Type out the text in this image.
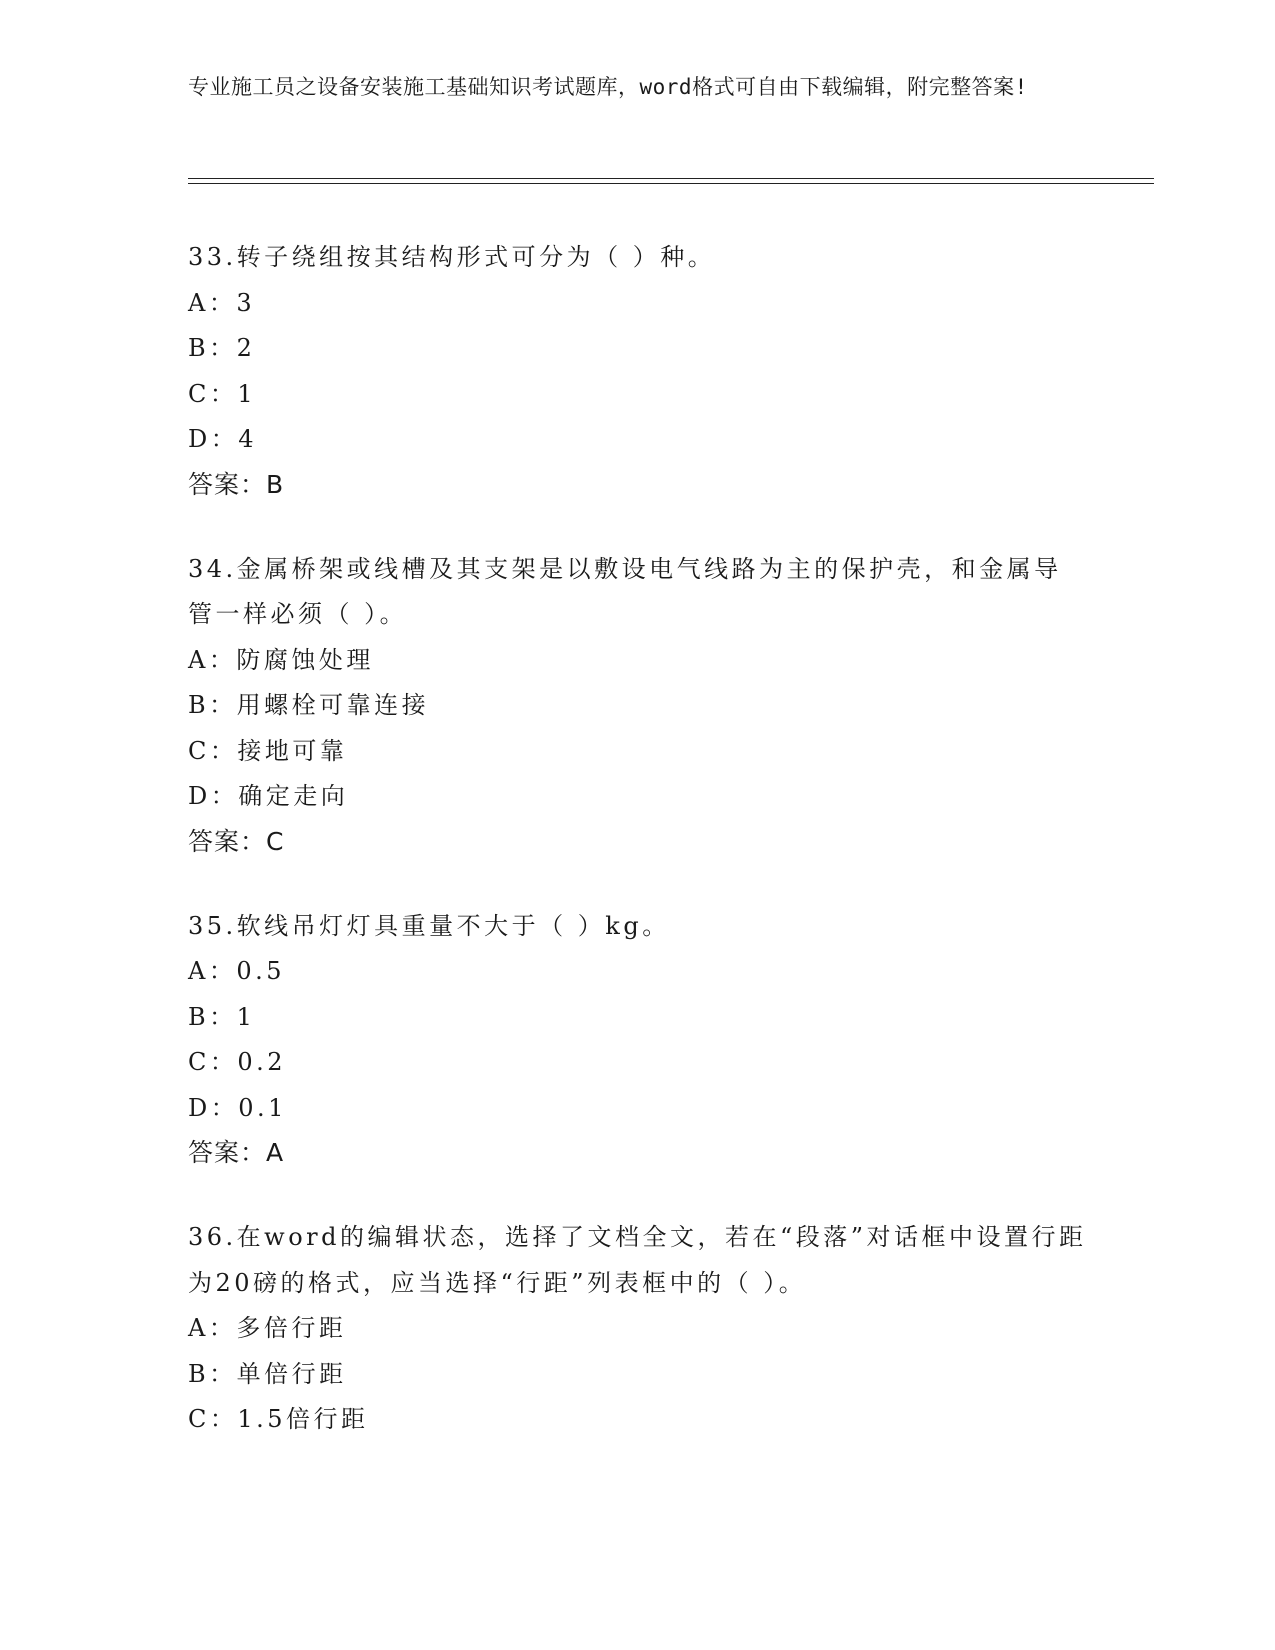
专业施工员之设备安装施工基础知识考试题库，word格式可自由下载编辑，附完整答案!

33.转子绕组按其结构形式可分为（ ）种。

A：3

B：2

C：1

D：4

答案：B

34.金属桥架或线槽及其支架是以敷设电气线路为主的保护壳，和金属导管一样必须（ ）。

A：防腐蚀处理

B：用螺栓可靠连接

C：接地可靠

D：确定走向

答案：C

35.软线吊灯灯具重量不大于（ ）kg。

A：0.5

B：1

C：0.2

D：0.1

答案：A

36.在word的编辑状态，选择了文档全文，若在“段落”对话框中设置行距为20磅的格式，应当选择“行距”列表框中的（ ）。

A：多倍行距

B：单倍行距

C：1.5倍行距
